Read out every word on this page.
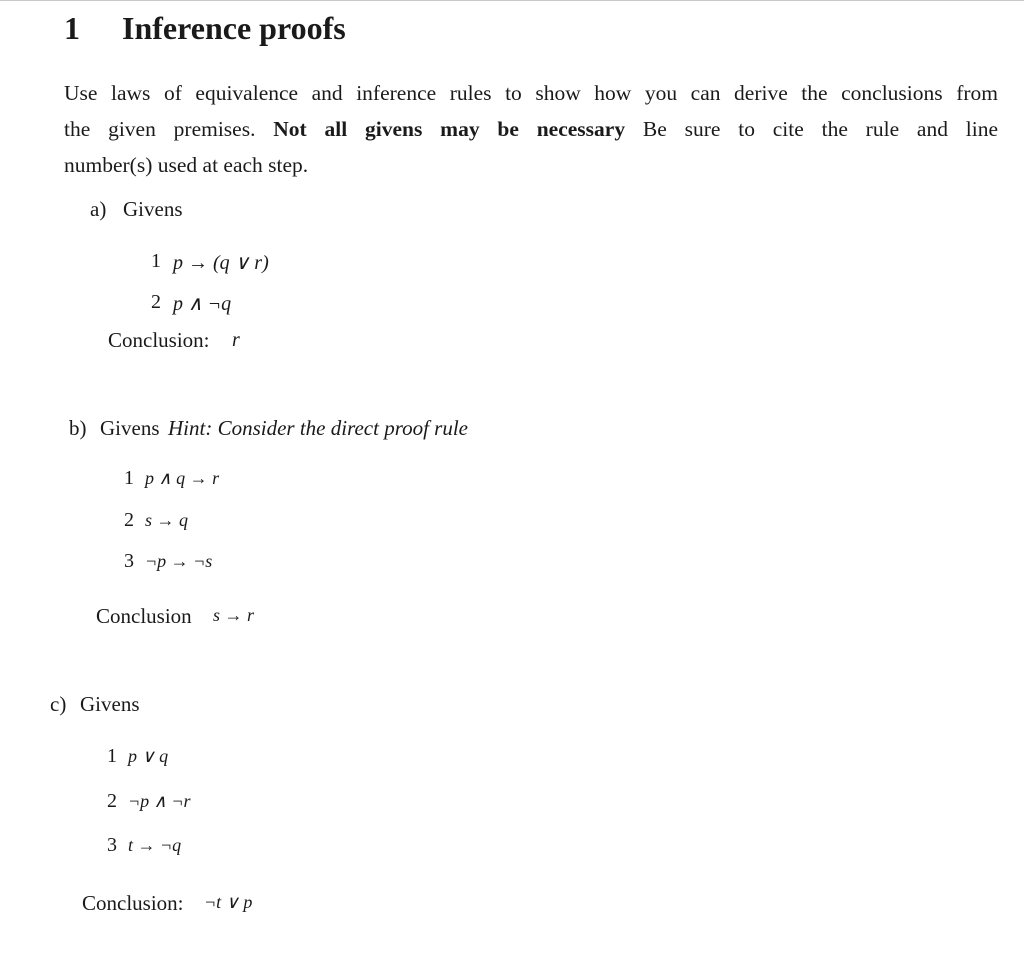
1 Inference proofs
Use laws of equivalence and inference rules to show how you can derive the conclusions from
the given premises. Not all givens may be necessary Be sure to cite the rule and line
number(s) used at each step.
a) Givens
1 p → (q ∨ r)
2 p ∧ ¬q
Conclusion: r
b) Givens Hint: Consider the direct proof rule
1 p ∧ q → r
2 s → q
3 ¬p → ¬s
Conclusion s → r
c) Givens
1 p ∨ q
2 ¬p ∧ ¬r
3 t → ¬q
Conclusion: ¬t ∨ p
